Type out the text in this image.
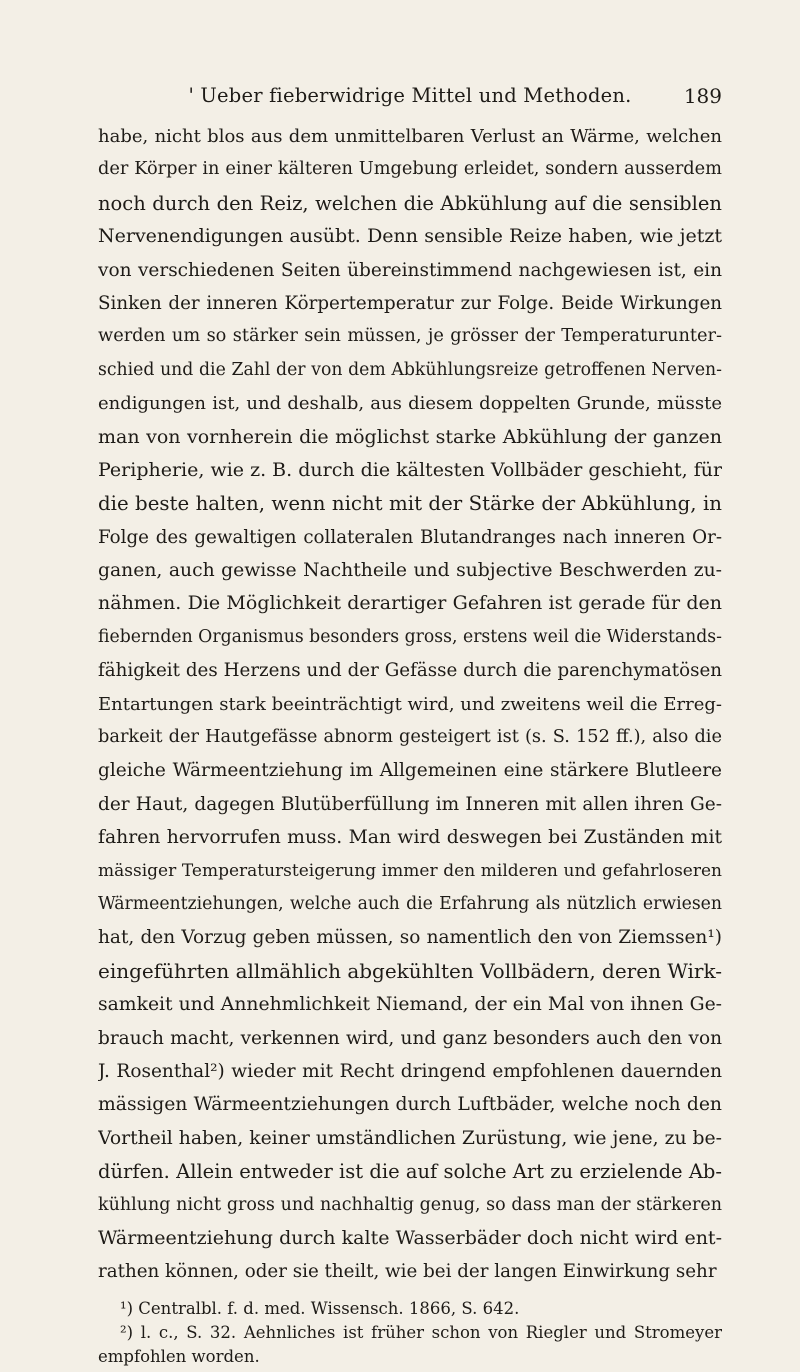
' Ueber fieberwidrige Mittel und Methoden.	189
habe, nicht blos aus dem unmittelbaren Verlust an Wärme, welchen
der Körper in einer kälteren Umgebung erleidet, sondern ausserdem
noch durch den Reiz, welchen die Abkühlung auf die sensiblen
Nervenendigungen ausübt. Denn sensible Reize haben, wie jetzt
von verschiedenen Seiten übereinstimmend nachgewiesen ist, ein
Sinken der inneren Körpertemperatur zur Folge. Beide Wirkungen
werden um so stärker sein müssen, je grösser der Temperaturunter-
schied und die Zahl der von dem Abkühlungsreize getroffenen Nerven-
endigungen ist, und deshalb, aus diesem doppelten Grunde, müsste
man von vornherein die möglichst starke Abkühlung der ganzen
Peripherie, wie z. B. durch die kältesten Vollbäder geschieht, für
die beste halten, wenn nicht mit der Stärke der Abkühlung, in
Folge des gewaltigen collateralen Blutandranges nach inneren Or-
ganen, auch gewisse Nachtheile und subjective Beschwerden zu-
nähmen. Die Möglichkeit derartiger Gefahren ist gerade für den
fiebernden Organismus besonders gross, erstens weil die Widerstands-
fähigkeit des Herzens und der Gefässe durch die parenchymatösen
Entartungen stark beeinträchtigt wird, und zweitens weil die Erreg-
barkeit der Hautgefässe abnorm gesteigert ist (s. S. 152 ff.), also die
gleiche Wärmeentziehung im Allgemeinen eine stärkere Blutleere
der Haut, dagegen Blutüberfüllung im Inneren mit allen ihren Ge-
fahren hervorrufen muss. Man wird deswegen bei Zuständen mit
mässiger Temperatursteigerung immer den milderen und gefahrloseren
Wärmeentziehungen, welche auch die Erfahrung als nützlich erwiesen
hat, den Vorzug geben müssen, so namentlich den von Ziemssen¹)
eingeführten allmählich abgekühlten Vollbädern, deren Wirk-
samkeit und Annehmlichkeit Niemand, der ein Mal von ihnen Ge-
brauch macht, verkennen wird, und ganz besonders auch den von
J. Rosenthal²) wieder mit Recht dringend empfohlenen dauernden
mässigen Wärmeentziehungen durch Luftbäder, welche noch den
Vortheil haben, keiner umständlichen Zurüstung, wie jene, zu be-
dürfen. Allein entweder ist die auf solche Art zu erzielende Ab-
kühlung nicht gross und nachhaltig genug, so dass man der stärkeren
Wärmeentziehung durch kalte Wasserbäder doch nicht wird ent-
rathen können, oder sie theilt, wie bei der langen Einwirkung sehr
¹) Centralbl. f. d. med. Wissensch. 1866, S. 642.
²) l. c., S. 32. Aehnliches ist früher schon von Riegler und Stromeyer
empfohlen worden.
